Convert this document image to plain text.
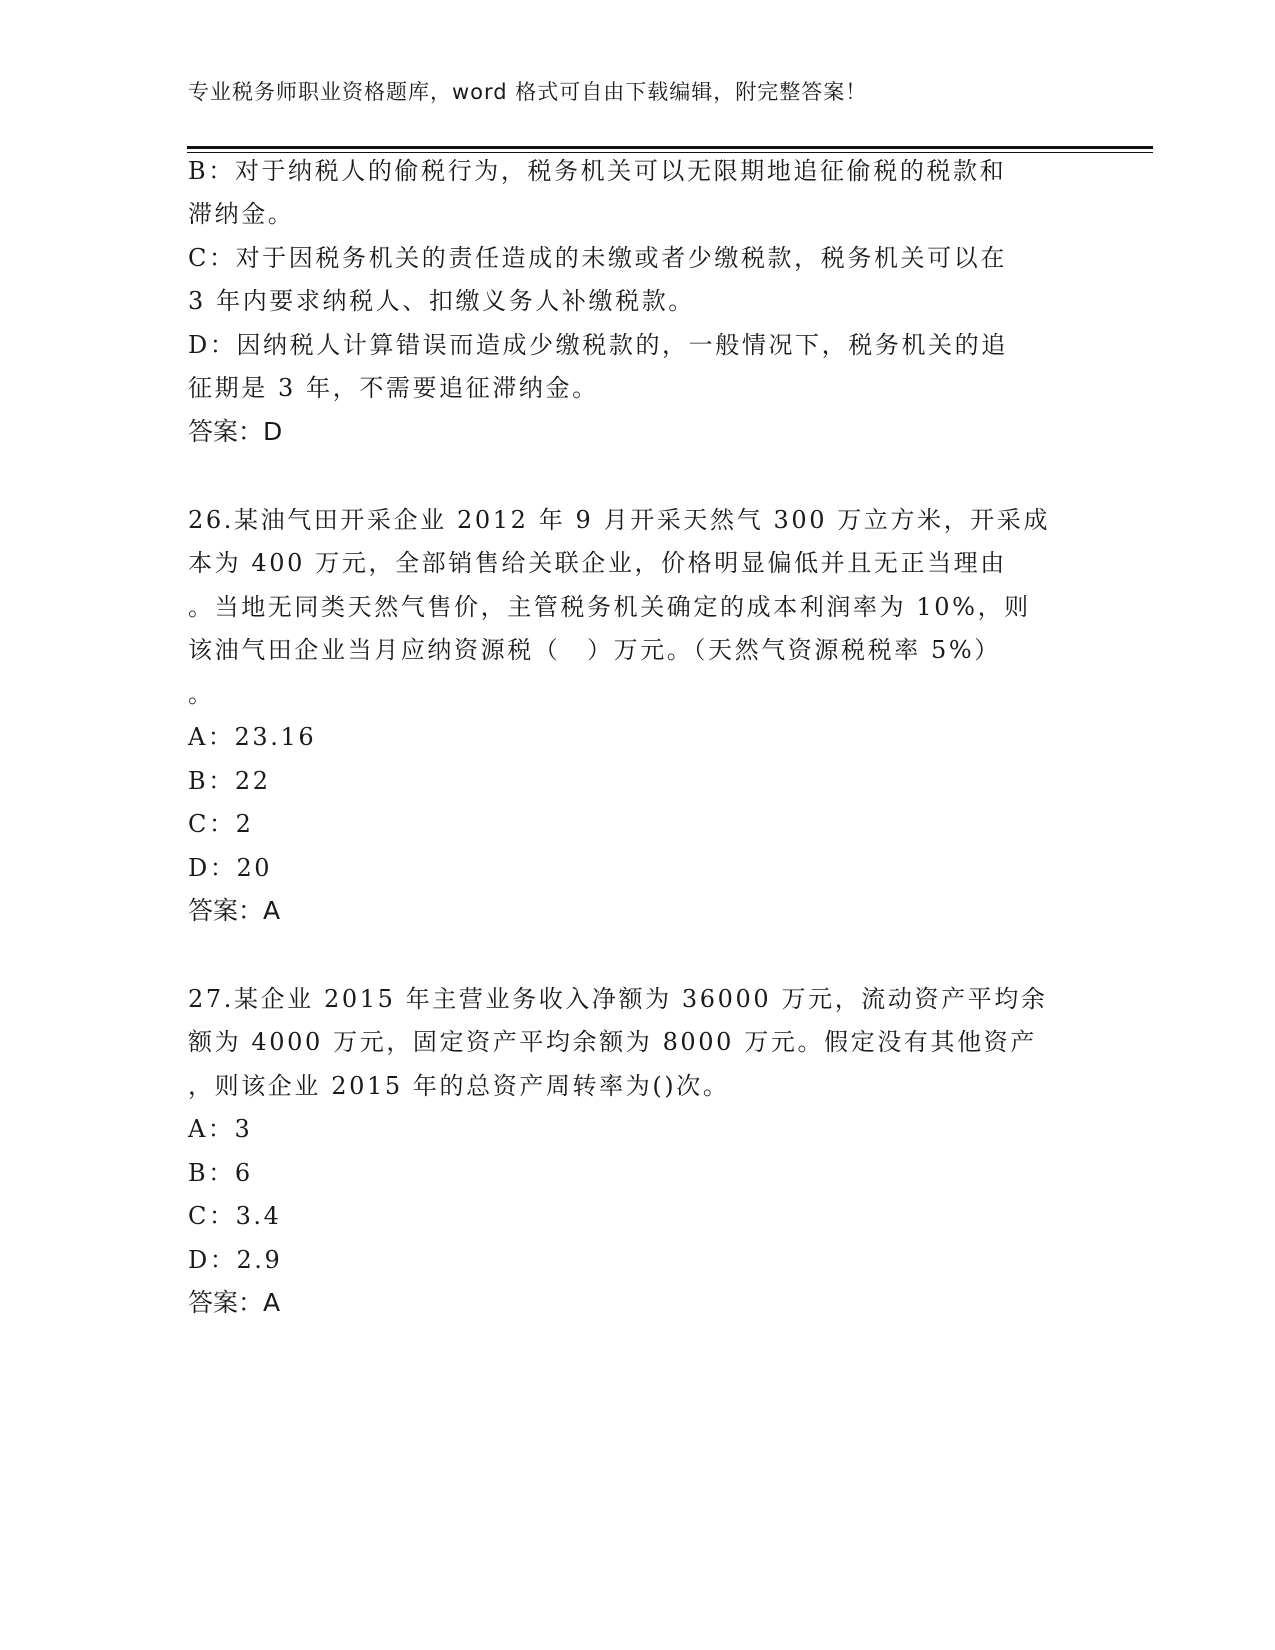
专业税务师职业资格题库，word 格式可自由下载编辑，附完整答案！
B：对于纳税人的偷税行为，税务机关可以无限期地追征偷税的税款和
滞纳金。
C：对于因税务机关的责任造成的未缴或者少缴税款，税务机关可以在
3 年内要求纳税人、扣缴义务人补缴税款。
D：因纳税人计算错误而造成少缴税款的，一般情况下，税务机关的追
征期是 3 年，不需要追征滞纳金。
答案：D
26.某油气田开采企业 2012 年 9 月开采天然气 300 万立方米，开采成
本为 400 万元，全部销售给关联企业，价格明显偏低并且无正当理由
。当地无同类天然气售价，主管税务机关确定的成本利润率为 10%，则
该油气田企业当月应纳资源税（　）万元。（天然气资源税税率 5%）
。
A：23.16
B：22
C：2
D：20
答案：A
27.某企业 2015 年主营业务收入净额为 36000 万元，流动资产平均余
额为 4000 万元，固定资产平均余额为 8000 万元。假定没有其他资产
，则该企业 2015 年的总资产周转率为()次。
A：3
B：6
C：3.4
D：2.9
答案：A
